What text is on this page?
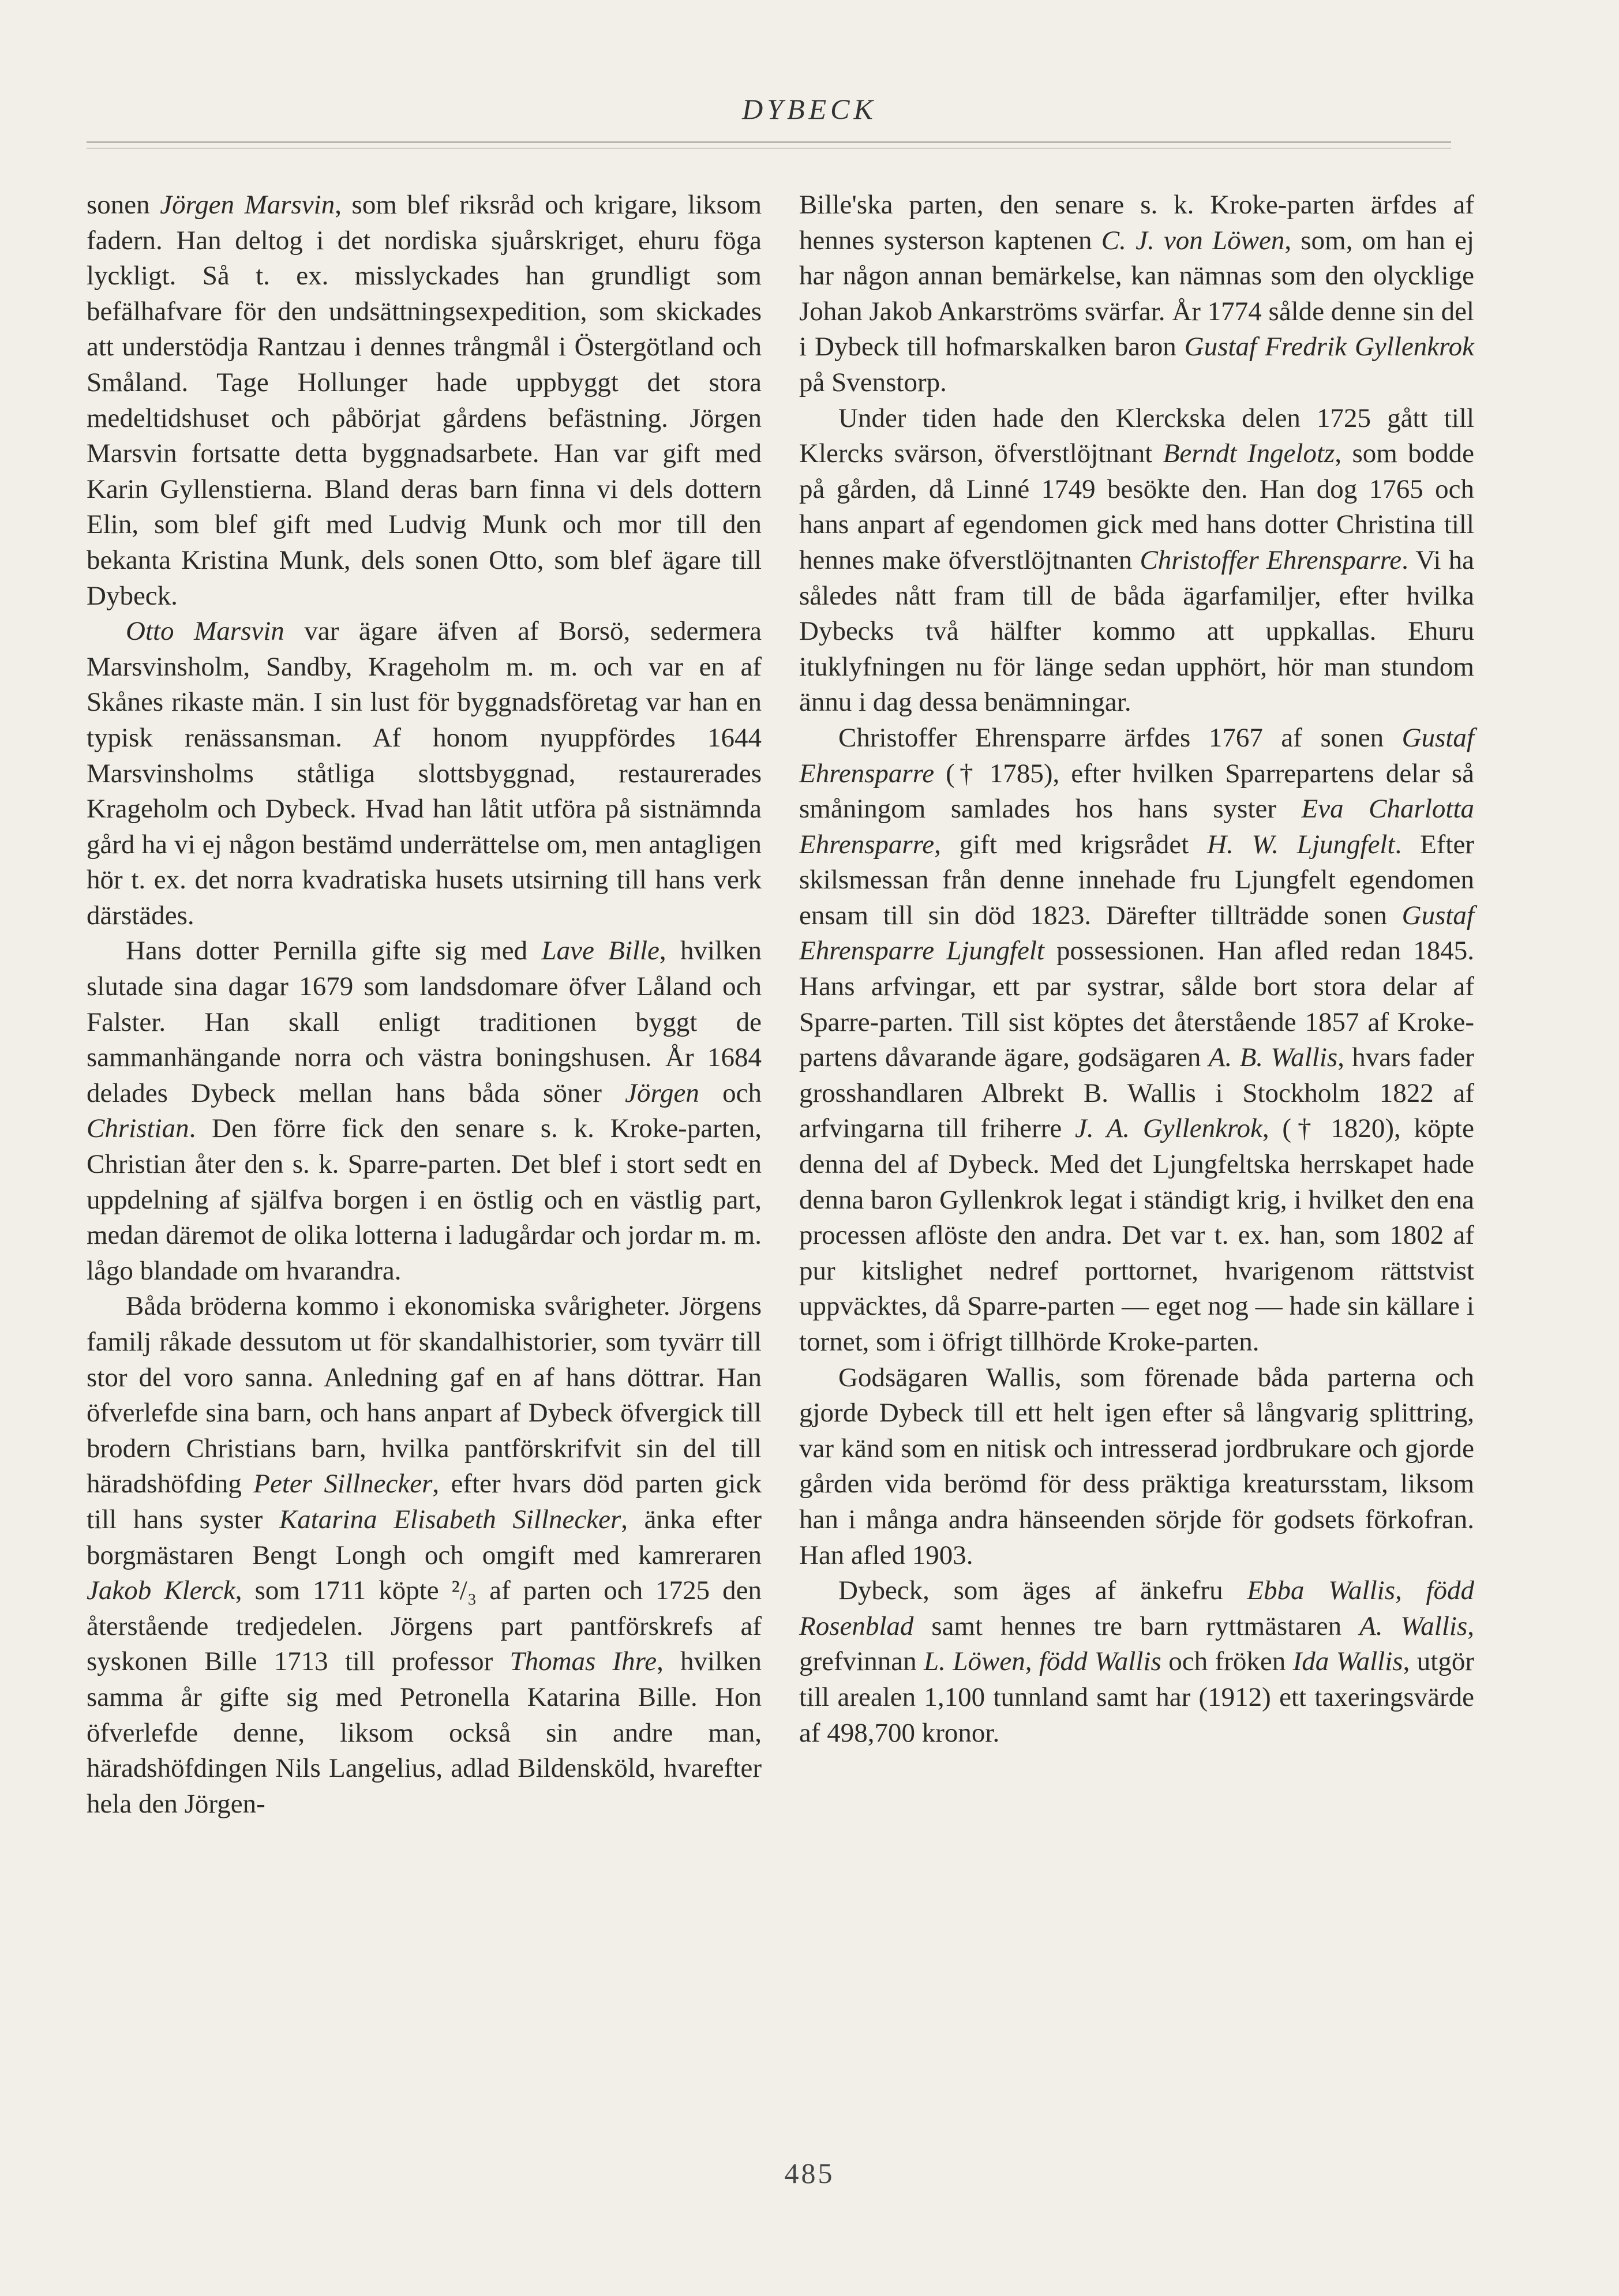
DYBECK

sonen Jörgen Marsvin, som blef riksråd och krigare, liksom fadern. Han deltog i det nordiska sjuårskriget, ehuru föga lyckligt. Så t. ex. misslyckades han grundligt som befälhafvare för den undsättningsexpedition, som skickades att understödja Rantzau i dennes trångmål i Östergötland och Småland. Tage Hollunger hade uppbyggt det stora medeltidshuset och påbörjat gårdens befästning. Jörgen Marsvin fortsatte detta byggnadsarbete. Han var gift med Karin Gyllenstierna. Bland deras barn finna vi dels dottern Elin, som blef gift med Ludvig Munk och mor till den bekanta Kristina Munk, dels sonen Otto, som blef ägare till Dybeck.

Otto Marsvin var ägare äfven af Borsö, sedermera Marsvinsholm, Sandby, Krageholm m. m. och var en af Skånes rikaste män. I sin lust för byggnadsföretag var han en typisk renässansman. Af honom nyuppfördes 1644 Marsvinsholms ståtliga slottsbyggnad, restaurerades Krageholm och Dybeck. Hvad han låtit utföra på sistnämnda gård ha vi ej någon bestämd underrättelse om, men antagligen hör t. ex. det norra kvadratiska husets utsirning till hans verk därstädes.

Hans dotter Pernilla gifte sig med Lave Bille, hvilken slutade sina dagar 1679 som landsdomare öfver Låland och Falster. Han skall enligt traditionen byggt de sammanhängande norra och västra boningshusen. År 1684 delades Dybeck mellan hans båda söner Jörgen och Christian. Den förre fick den senare s. k. Kroke-parten, Christian åter den s. k. Sparre-parten. Det blef i stort sedt en uppdelning af själfva borgen i en östlig och en västlig part, medan däremot de olika lotterna i ladugårdar och jordar m. m. lågo blandade om hvarandra.

Båda bröderna kommo i ekonomiska svårigheter. Jörgens familj råkade dessutom ut för skandalhistorier, som tyvärr till stor del voro sanna. Anledning gaf en af hans döttrar. Han öfverlefde sina barn, och hans anpart af Dybeck öfvergick till brodern Christians barn, hvilka pantförskrifvit sin del till häradshöfding Peter Sillnecker, efter hvars död parten gick till hans syster Katarina Elisabeth Sillnecker, änka efter borgmästaren Bengt Longh och omgift med kamreraren Jakob Klerck, som 1711 köpte ²/₃ af parten och 1725 den återstående tredjedelen. Jörgens part pantförskrefs af syskonen Bille 1713 till professor Thomas Ihre, hvilken samma år gifte sig med Petronella Katarina Bille. Hon öfverlefde denne, liksom också sin andre man, häradshöfdingen Nils Langelius, adlad Bildensköld, hvarefter hela den Jörgen-

Bille'ska parten, den senare s. k. Kroke-parten ärfdes af hennes systerson kaptenen C. J. von Löwen, som, om han ej har någon annan bemärkelse, kan nämnas som den olycklige Johan Jakob Ankarströms svärfar. År 1774 sålde denne sin del i Dybeck till hofmarskalken baron Gustaf Fredrik Gyllenkrok på Svenstorp.

Under tiden hade den Klerckska delen 1725 gått till Klercks svärson, öfverstlöjtnant Berndt Ingelotz, som bodde på gården, då Linné 1749 besökte den. Han dog 1765 och hans anpart af egendomen gick med hans dotter Christina till hennes make öfverstlöjtnanten Christoffer Ehrensparre. Vi ha således nått fram till de båda ägarfamiljer, efter hvilka Dybecks två hälfter kommo att uppkallas. Ehuru ituklyfningen nu för länge sedan upphört, hör man stundom ännu i dag dessa benämningar.

Christoffer Ehrensparre ärfdes 1767 af sonen Gustaf Ehrensparre († 1785), efter hvilken Sparrepartens delar så småningom samlades hos hans syster Eva Charlotta Ehrensparre, gift med krigsrådet H. W. Ljungfelt. Efter skilsmessan från denne innehade fru Ljungfelt egendomen ensam till sin död 1823. Därefter tillträdde sonen Gustaf Ehrensparre Ljungfelt possessionen. Han afled redan 1845. Hans arfvingar, ett par systrar, sålde bort stora delar af Sparre-parten. Till sist köptes det återstående 1857 af Kroke-partens dåvarande ägare, godsägaren A. B. Wallis, hvars fader grosshandlaren Albrekt B. Wallis i Stockholm 1822 af arfvingarna till friherre J. A. Gyllenkrok, († 1820), köpte denna del af Dybeck. Med det Ljungfeltska herrskapet hade denna baron Gyllenkrok legat i ständigt krig, i hvilket den ena processen aflöste den andra. Det var t. ex. han, som 1802 af pur kitslighet nedref porttornet, hvarigenom rättstvist uppväcktes, då Sparre-parten — eget nog — hade sin källare i tornet, som i öfrigt tillhörde Kroke-parten.

Godsägaren Wallis, som förenade båda parterna och gjorde Dybeck till ett helt igen efter så långvarig splittring, var känd som en nitisk och intresserad jordbrukare och gjorde gården vida berömd för dess präktiga kreatursstam, liksom han i många andra hänseenden sörjde för godsets förkofran. Han afled 1903.

Dybeck, som äges af änkefru Ebba Wallis, född Rosenblad samt hennes tre barn ryttmästaren A. Wallis, grefvinnan L. Löwen, född Wallis och fröken Ida Wallis, utgör till arealen 1,100 tunnland samt har (1912) ett taxeringsvärde af 498,700 kronor.

485
